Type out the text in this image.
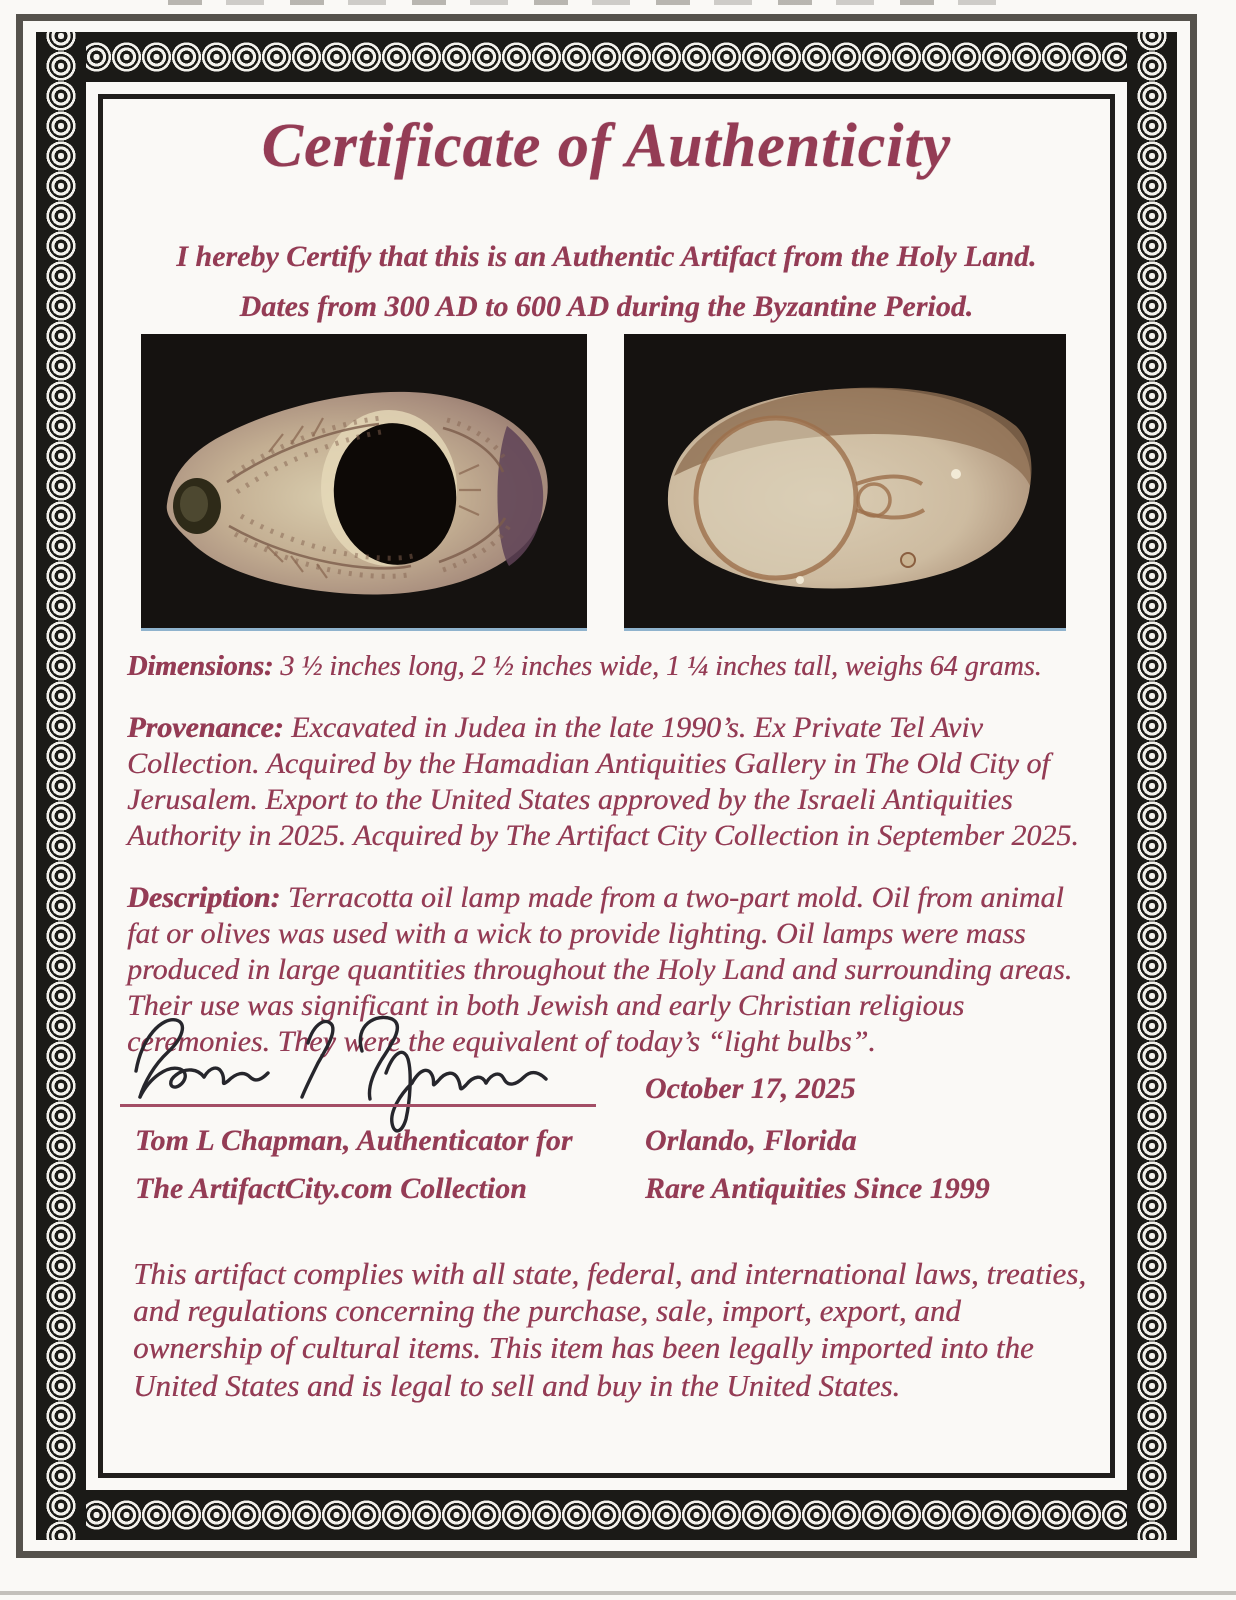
Certificate of Authenticity
I hereby Certify that this is an Authentic Artifact from the Holy Land.
Dates from 300 AD to 600 AD during the Byzantine Period.

Dimensions: 3 ½ inches long, 2 ½ inches wide, 1 ¼ inches tall, weighs 64 grams.

Provenance: Excavated in Judea in the late 1990’s. Ex Private Tel Aviv Collection. Acquired by the Hamadian Antiquities Gallery in The Old City of Jerusalem. Export to the United States approved by the Israeli Antiquities Authority in 2025. Acquired by The Artifact City Collection in September 2025.

Description: Terracotta oil lamp made from a two-part mold. Oil from animal fat or olives was used with a wick to provide lighting. Oil lamps were mass produced in large quantities throughout the Holy Land and surrounding areas. Their use was significant in both Jewish and early Christian religious ceremonies. They were the equivalent of today’s “light bulbs”.

October 17, 2025
Tom L Chapman, Authenticator for Orlando, Florida
The ArtifactCity.com Collection	Rare Antiquities Since 1999
This artifact complies with all state, federal, and international laws, treaties, and regulations concerning the purchase, sale, import, export, and ownership of cultural items. This item has been legally imported into the United States and is legal to sell and buy in the United States.
